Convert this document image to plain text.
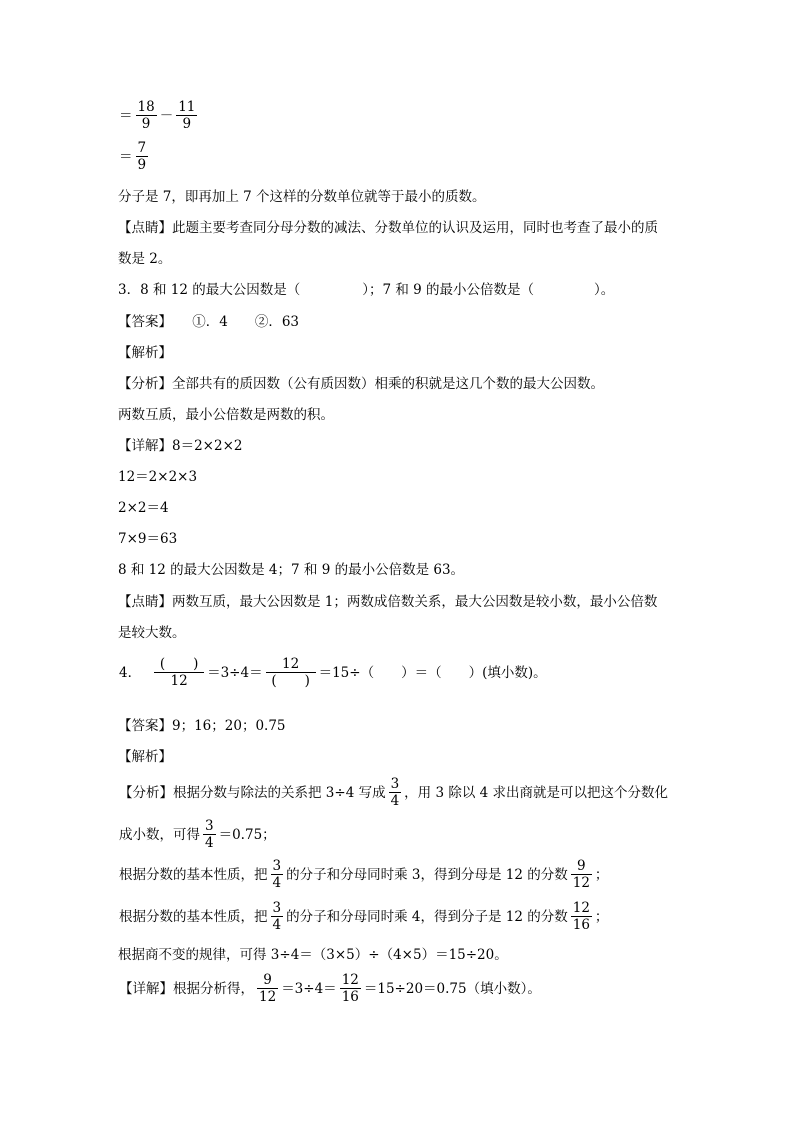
＝ $\frac{18}{9} - \frac{11}{9}$
＝ $\frac{7}{9}$
分子是 7，即再加上 7 个这样的分数单位就等于最小的质数。
【点睛】此题主要考查同分母分数的减法、分数单位的认识及运用，同时也考查了最小的质
数是 2。
3．8 和 12 的最大公因数是（	）；7 和 9 的最小公倍数是（	）。
【答案】　　①．4　　②．63
【解析】
【分析】全部共有的质因数（公有质因数）相乘的积就是这几个数的最大公因数。
两数互质，最小公倍数是两数的积。
【详解】8＝2×2×2
12＝2×2×3
2×2＝4
7×9＝63
8 和 12 的最大公因数是 4；7 和 9 的最小公倍数是 63。
【点睛】两数互质，最大公因数是 1；两数成倍数关系，最大公因数是较小数，最小公倍数
是较大数。
4． $\frac{( )}{12} =3\div 4= \frac{12}{( )} =15\div$（　　）＝（　　）(填小数)。
【答案】9；16；20；0.75
【解析】
【分析】根据分数与除法的关系把 3÷4 写成 $\frac{3}{4}$ ，用 3 除以 4 求出商就是可以把这个分数化
成小数，可得 $\frac{3}{4} =0.75$；
根据分数的基本性质，把 $\frac{3}{4}$ 的分子和分母同时乘 3，得到分母是 12 的分数 $\frac{9}{12}$ ；
根据分数的基本性质，把 $\frac{3}{4}$ 的分子和分母同时乘 4，得到分子是 12 的分数 $\frac{12}{16}$ ；
根据商不变的规律，可得 3÷4＝（3×5）÷（4×5）＝15÷20。
【详解】根据分析得， $\frac{9}{12} =3\div 4= \frac{12}{16} =15\div 20=0.75$（填小数）。
